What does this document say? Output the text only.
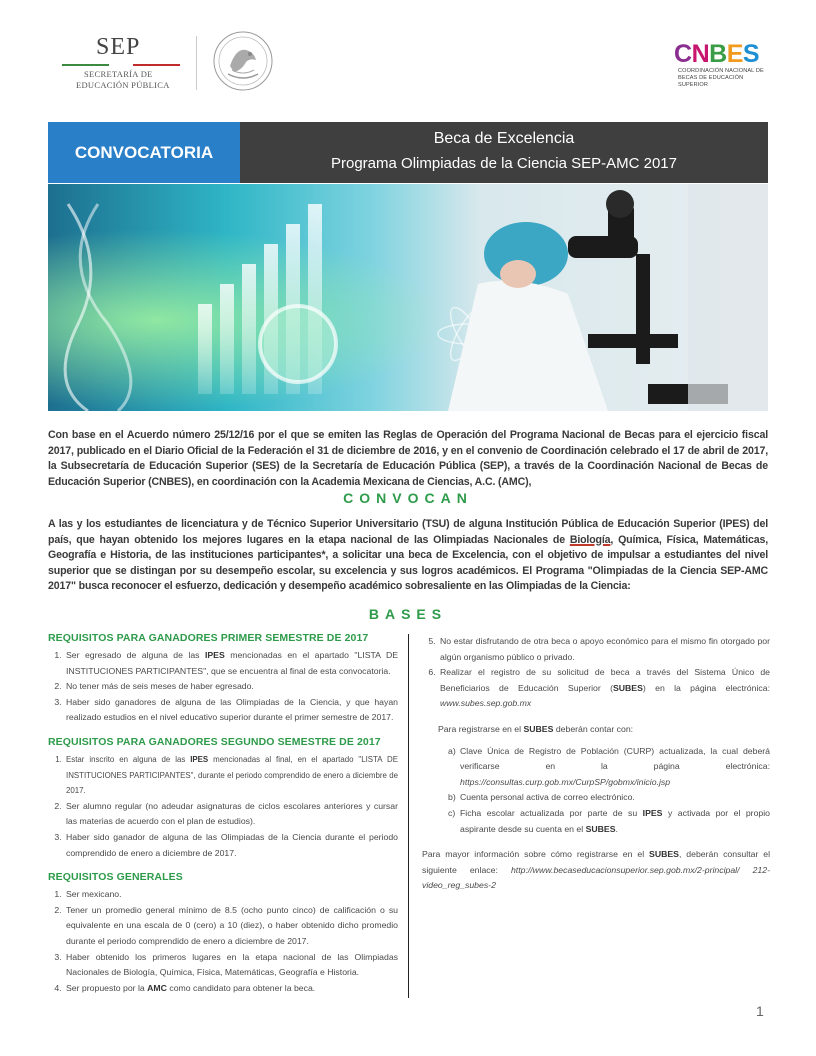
SEP
SECRETARÍA DE
EDUCACIÓN PÚBLICA
CNBES
COORDINACIÓN NACIONAL DE
BECAS DE EDUCACIÓN SUPERIOR
CONVOCATORIA
Beca de Excelencia
Programa Olimpiadas de la Ciencia SEP-AMC 2017
Con base en el Acuerdo número 25/12/16 por el que se emiten las Reglas de Operación del Programa Nacional de Becas para el ejercicio fiscal 2017, publicado en el Diario Oficial de la Federación el 31 de diciembre de 2016, y en el convenio de Coordinación celebrado el 17 de abril de 2017, la Subsecretaría de Educación Superior (SES) de la Secretaría de Educación Pública (SEP), a través de la Coordinación Nacional de Becas de Educación Superior (CNBES), en coordinación con la Academia Mexicana de Ciencias, A.C. (AMC),
CONVOCAN
A las y los estudiantes de licenciatura y de Técnico Superior Universitario (TSU) de alguna Institución Pública de Educación Superior (IPES) del país, que hayan obtenido los mejores lugares en la etapa nacional de las Olimpiadas Nacionales de Biología, Química, Física, Matemáticas, Geografía e Historia, de las instituciones participantes*, a solicitar una beca de Excelencia, con el objetivo de impulsar a estudiantes del nivel superior que se distingan por su desempeño escolar, su excelencia y sus logros académicos. El Programa "Olimpiadas de la Ciencia SEP-AMC 2017" busca reconocer el esfuerzo, dedicación y desempeño académico sobresaliente en las Olimpiadas de la Ciencia:
BASES
REQUISITOS PARA GANADORES PRIMER SEMESTRE DE 2017
1. Ser egresado de alguna de las IPES mencionadas en el apartado "LISTA DE INSTITUCIONES PARTICIPANTES", que se encuentra al final de esta convocatoria.
2. No tener más de seis meses de haber egresado.
3. Haber sido ganadores de alguna de las Olimpiadas de la Ciencia, y que hayan realizado estudios en el nivel educativo superior durante el primer semestre de 2017.
REQUISITOS PARA GANADORES SEGUNDO SEMESTRE DE 2017
1. Estar inscrito en alguna de las IPES mencionadas al final, en el apartado "LISTA DE INSTITUCIONES PARTICIPANTES", durante el periodo comprendido de enero a diciembre de 2017.
2. Ser alumno regular (no adeudar asignaturas de ciclos escolares anteriores y cursar las materias de acuerdo con el plan de estudios).
3. Haber sido ganador de alguna de las Olimpiadas de la Ciencia durante el periodo comprendido de enero a diciembre de 2017.
REQUISITOS GENERALES
1. Ser mexicano.
2. Tener un promedio general mínimo de 8.5 (ocho punto cinco) de calificación o su equivalente en una escala de 0 (cero) a 10 (diez), o haber obtenido dicho promedio durante el periodo comprendido de enero a diciembre de 2017.
3. Haber obtenido los primeros lugares en la etapa nacional de las Olimpiadas Nacionales de Biología, Química, Física, Matemáticas, Geografía e Historia.
4. Ser propuesto por la AMC como candidato para obtener la beca.
5. No estar disfrutando de otra beca o apoyo económico para el mismo fin otorgado por algún organismo público o privado.
6. Realizar el registro de su solicitud de beca a través del Sistema Único de Beneficiarios de Educación Superior (SUBES) en la página electrónica: www.subes.sep.gob.mx
Para registrarse en el SUBES deberán contar con:
a) Clave Única de Registro de Población (CURP) actualizada, la cual deberá verificarse en la página electrónica: https://consultas.curp.gob.mx/CurpSP/gobmx/inicio.jsp
b) Cuenta personal activa de correo electrónico.
c) Ficha escolar actualizada por parte de su IPES y activada por el propio aspirante desde su cuenta en el SUBES.
Para mayor información sobre cómo registrarse en el SUBES, deberán consultar el siguiente enlace: http://www.becaseducacionsuperior.sep.gob.mx/2-principal/ 212-video_reg_subes-2
1
